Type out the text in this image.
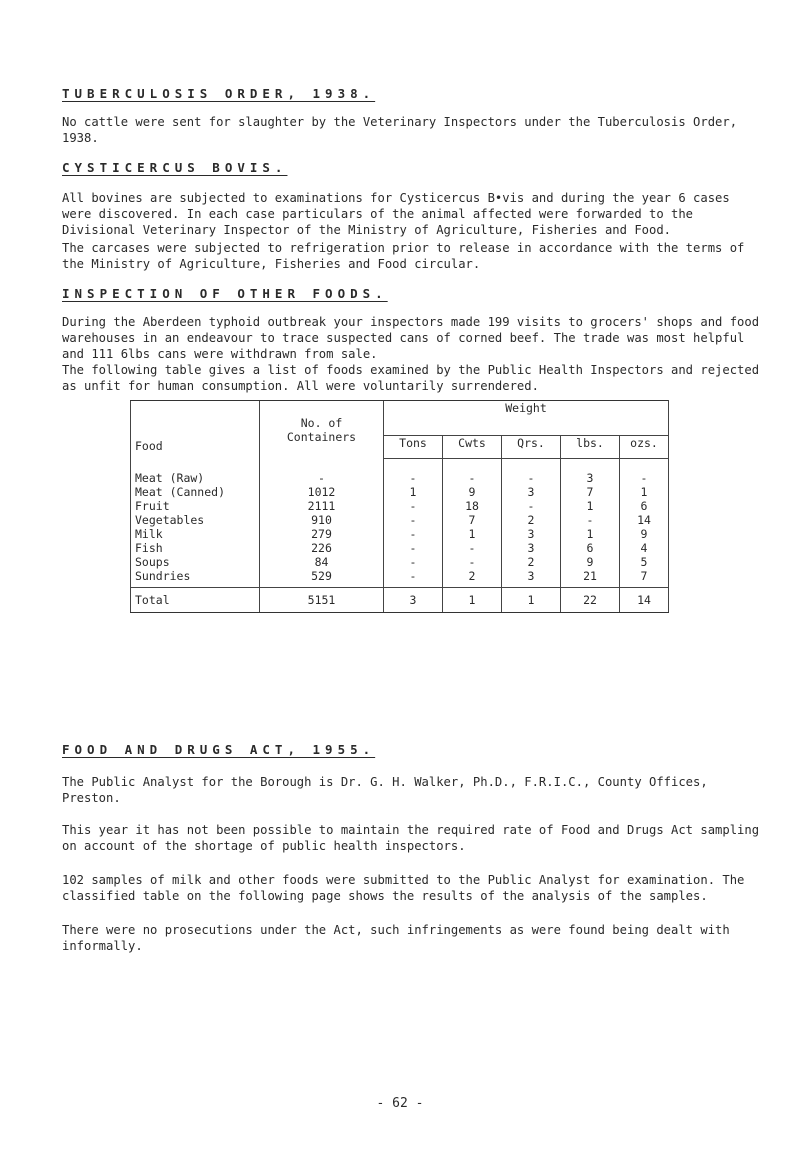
TUBERCULOSIS ORDER, 1938.

No cattle were sent for slaughter by the Veterinary Inspectors under the Tuberculosis Order, 1938.

CYSTICERCUS BOVIS.

All bovines are subjected to examinations for Cysticercus B•vis and during the year 6 cases were discovered. In each case particulars of the animal affected were forwarded to the Divisional Veterinary Inspector of the Ministry of Agriculture, Fisheries and Food.

The carcases were subjected to refrigeration prior to release in accordance with the terms of the Ministry of Agriculture, Fisheries and Food circular.

INSPECTION OF OTHER FOODS.
Food	No. of Containers	Weight				
		Tons	Cwts	Qrs.	lbs.	ozs.
Meat (Raw)	-	-	-	-	3	-
Meat (Canned)	1012	1	9	3	7	1
Fruit	2111	-	18	-	1	6
Vegetables	910	-	7	2	-	14
Milk	279	-	1	3	1	9
Fish	226	-	-	3	6	4
Soups	84	-	-	2	9	5
Sundries	529	-	2	3	21	7
Total	5151	3	1	1	22	14

During the Aberdeen typhoid outbreak your inspectors made 199 visits to grocers' shops and food warehouses in an endeavour to trace suspected cans of corned beef. The trade was most helpful and 111 6lbs cans were withdrawn from sale.

The following table gives a list of foods examined by the Public Health Inspectors and rejected as unfit for human consumption. All were voluntarily surrendered.

FOOD AND DRUGS ACT, 1955.

The Public Analyst for the Borough is Dr. G. H. Walker, Ph.D., F.R.I.C., County Offices, Preston.

This year it has not been possible to maintain the required rate of Food and Drugs Act sampling on account of the shortage of public health inspectors.

102 samples of milk and other foods were submitted to the Public Analyst for examination. The classified table on the following page shows the results of the analysis of the samples.

There were no prosecutions under the Act, such infringements as were found being dealt with informally.

- 62 -
